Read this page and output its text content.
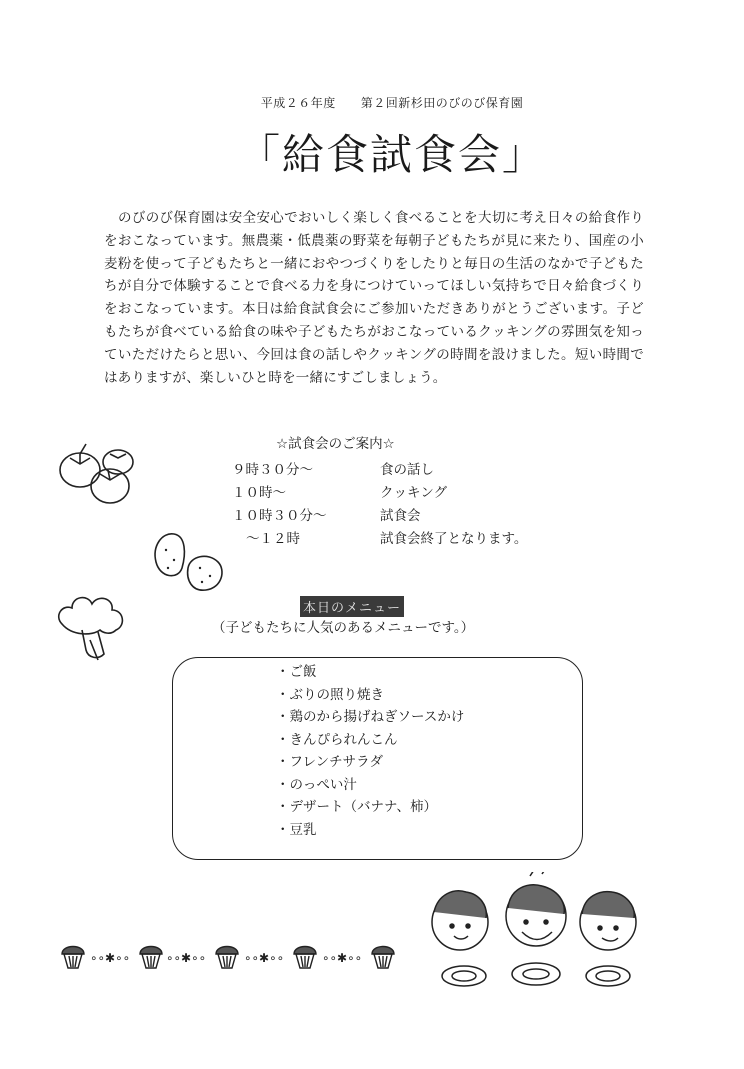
平成２６年度　　第２回新杉田のびのび保育園
「給食試食会」
のびのび保育園は安全安心でおいしく楽しく食べることを大切に考え日々の給食作りをおこなっています。無農薬・低農薬の野菜を毎朝子どもたちが見に来たり、国産の小麦粉を使って子どもたちと一緒におやつづくりをしたりと毎日の生活のなかで子どもたちが自分で体験することで食べる力を身につけていってほしい気持ちで日々給食づくりをおこなっています。本日は給食試食会にご参加いただきありがとうございます。子どもたちが食べている給食の味や子どもたちがおこなっているクッキングの雰囲気を知っていただけたらと思い、今回は食の話しやクッキングの時間を設けました。短い時間ではありますが、楽しいひと時を一緒にすごしましょう。
☆試食会のご案内☆
９時３０分～	食の話し
１０時～	クッキング
１０時３０分～	試食会
～１２時	試食会終了となります。
本日のメニュー
（子どもたちに人気のあるメニューです。）
・ご飯
・ぶりの照り焼き
・鶏のから揚げねぎソースかけ
・きんぴられんこん
・フレンチサラダ
・のっぺい汁
・デザート（バナナ、柿）
・豆乳
∘∘✱∘∘	∘∘✱∘∘	∘∘✱∘∘	∘∘✱∘∘
